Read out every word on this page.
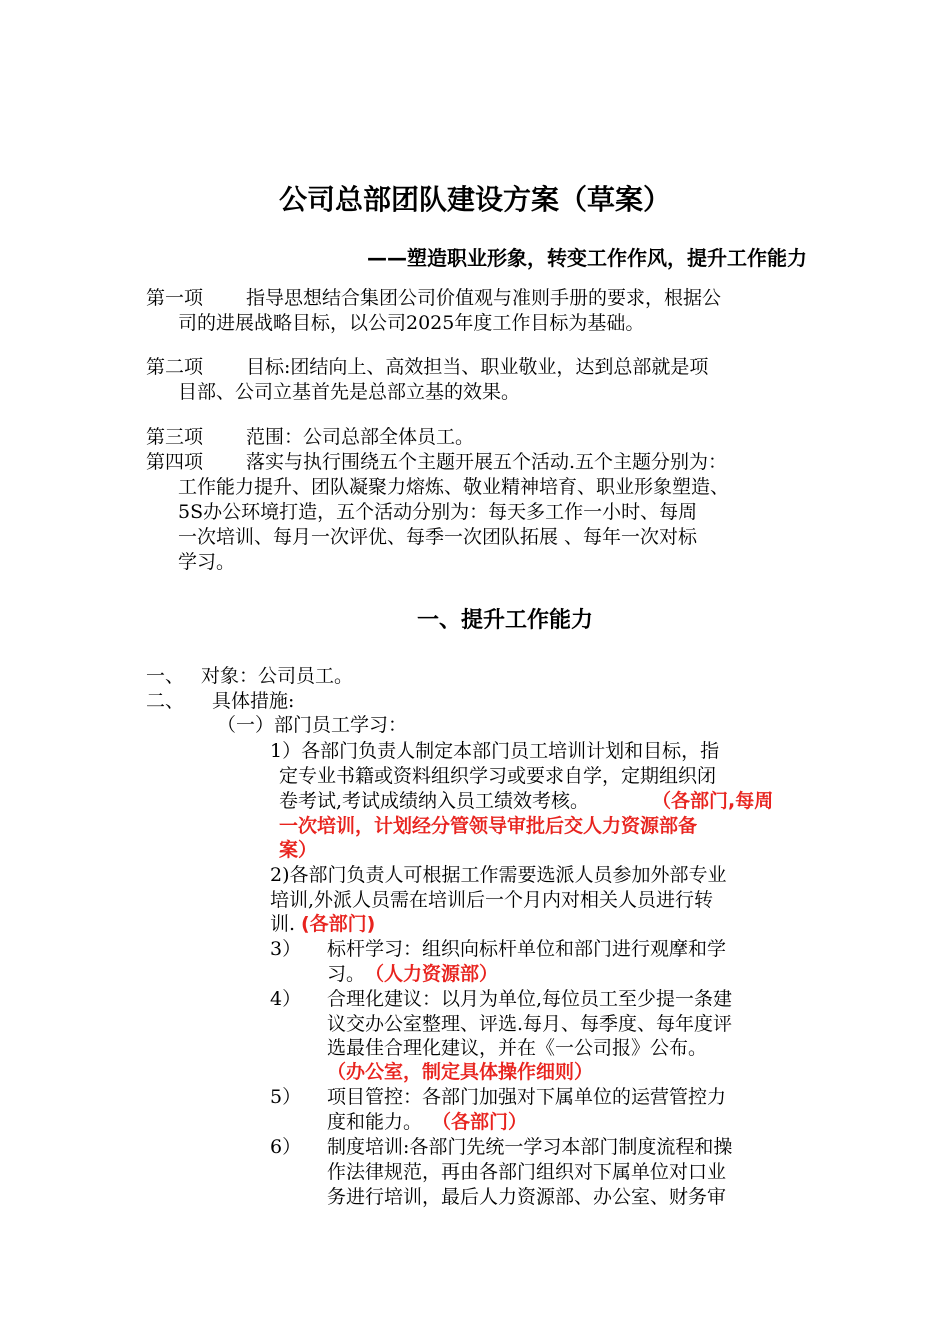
公司总部团队建设方案（草案）
——塑造职业形象，转变工作作风，提升工作能力
第一项 指导思想结合集团公司价值观与准则手册的要求，根据公
司的进展战略目标，以公司2025年度工作目标为基础。
第二项 目标:团结向上、高效担当、职业敬业，达到总部就是项
目部、公司立基首先是总部立基的效果。
第三项 范围：公司总部全体员工。
第四项 落实与执行围绕五个主题开展五个活动.五个主题分别为：
工作能力提升、团队凝聚力熔炼、敬业精神培育、职业形象塑造、
5S办公环境打造，五个活动分别为：每天多工作一小时、每周
一次培训、每月一次评优、每季一次团队拓展 、每年一次对标
学习。
一、提升工作能力
一、 对象：公司员工。
二、 具体措施:
（一）部门员工学习：
1）各部门负责人制定本部门员工培训计划和目标，指
定专业书籍或资料组织学习或要求自学，定期组织闭
卷考试,考试成绩纳入员工绩效考核。	（各部门,每周
一次培训，计划经分管领导审批后交人力资源部备
案）
2)各部门负责人可根据工作需要选派人员参加外部专业
培训,外派人员需在培训后一个月内对相关人员进行转
训. (各部门)
3） 标杆学习：组织向标杆单位和部门进行观摩和学
习。 （人力资源部）
4） 合理化建议：以月为单位,每位员工至少提一条建
议交办公室整理、评选.每月、每季度、每年度评
选最佳合理化建议，并在《一公司报》公布。
（办公室，制定具体操作细则）
5） 项目管控：各部门加强对下属单位的运营管控力
度和能力。 （各部门）
6） 制度培训:各部门先统一学习本部门制度流程和操
作法律规范，再由各部门组织对下属单位对口业
务进行培训，最后人力资源部、办公室、财务审
